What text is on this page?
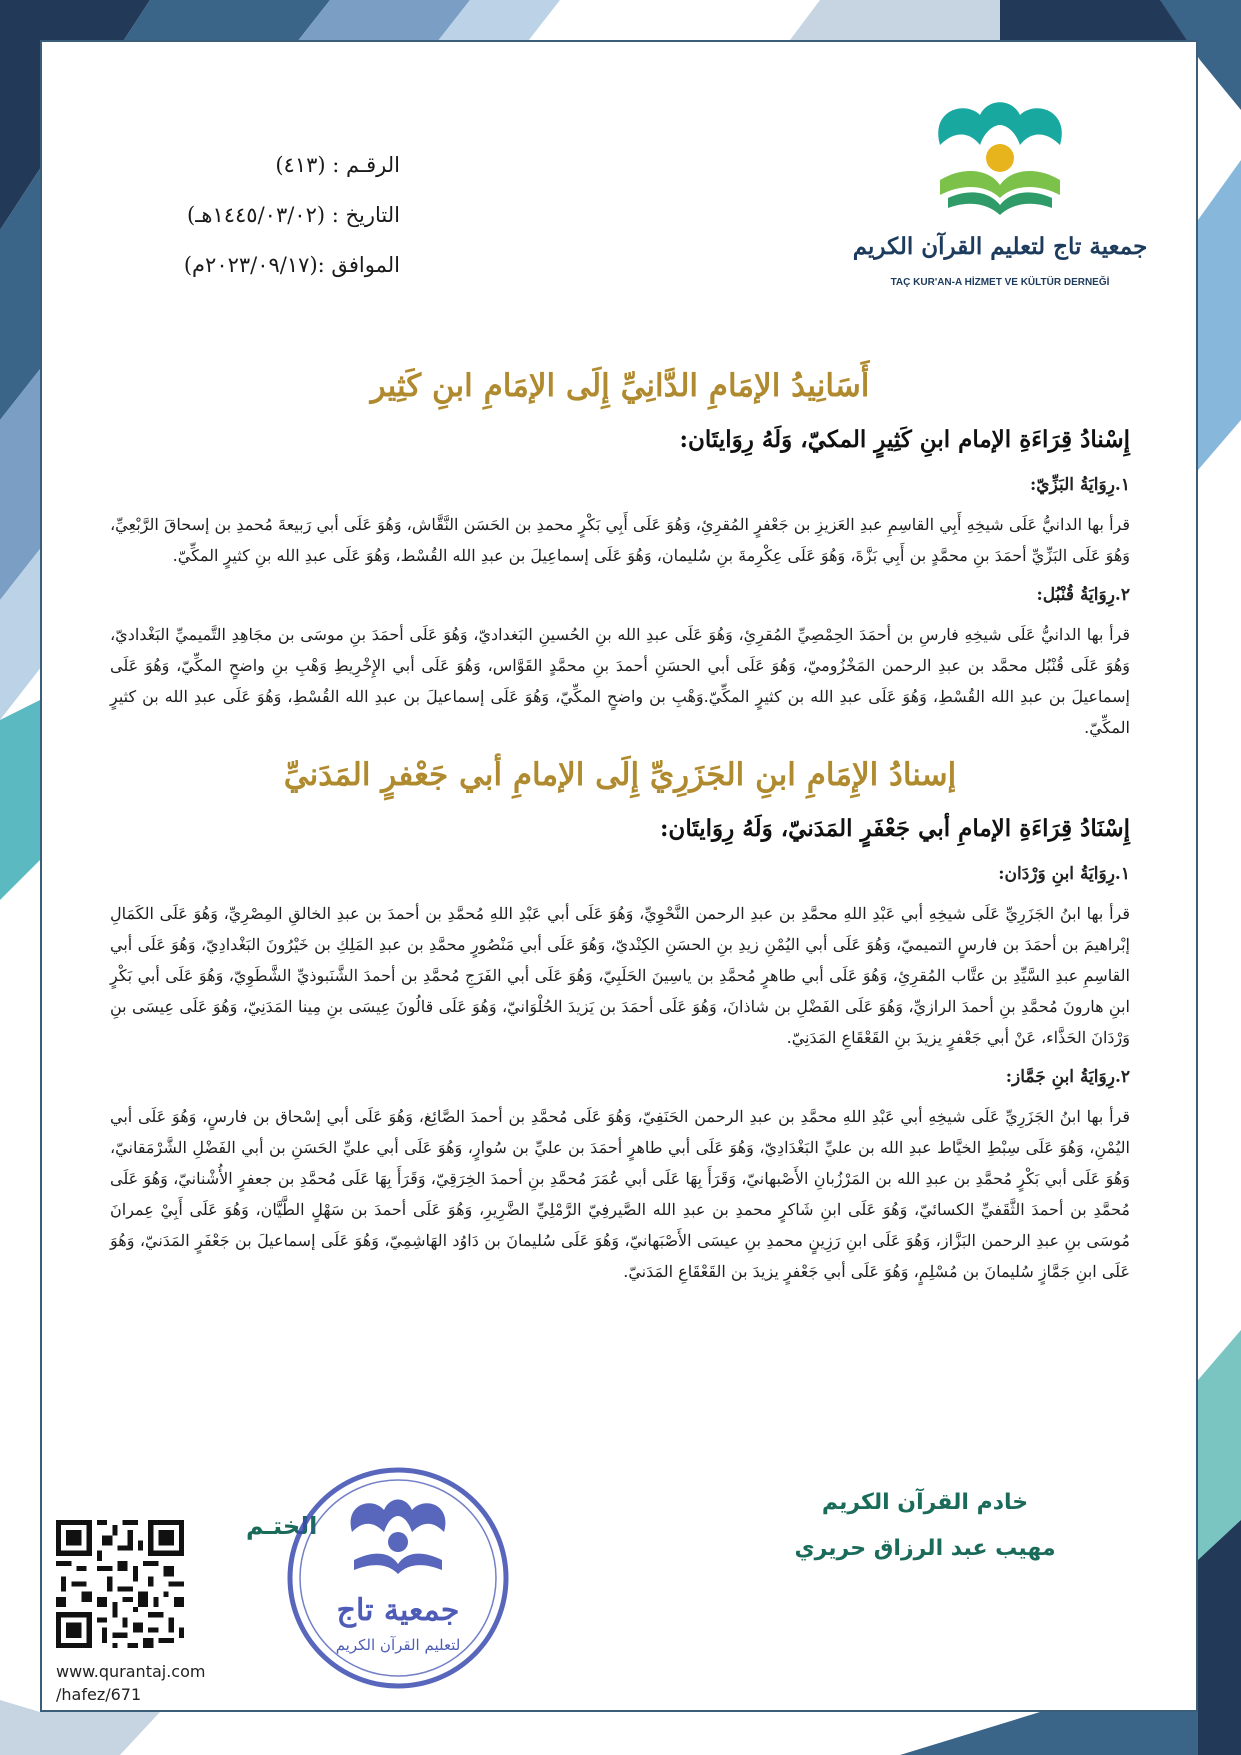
جمعية تاج لتعليم القرآن الكريم
TAÇ KUR'AN-A HİZMET VE KÜLTÜR DERNEĞİ
الرقـم : (٤١٣)
التاريخ : (١٤٤٥/٠٣/٠٢هـ)
الموافق :(٢٠٢٣/٠٩/١٧م)
أَسَانِيدُ الإمَامِ الدَّانِيِّ إِلَى الإمَامِ ابنِ كَثِير
إِسْنادُ قِرَاءَةِ الإمام ابنِ كَثِيرٍ المكيّ، وَلَهُ رِوَايتَان:
١.رِوَايَةُ البَزِّيّ:

قرأ بها الدانيُّ عَلَى شيخِهِ أَبِي القاسِمِ عبدِ العَزيزِ بن جَعْفرٍ المُقرِئِ، وَهُوَ عَلَى أَبِي بَكْرٍ محمدِ بن الحَسَن النَّقَّاش، وَهُوَ عَلَى أبي رَبيعةَ مُحمدِ بن إسحاقَ الرَّبْعِيِّ، وَهُوَ عَلَى البَزِّيِّ أحمَدَ بنِ محمَّدٍ بن أَبِي بَزَّةَ، وَهُوَ عَلَى عِكْرِمةَ بنِ سُليمان، وَهُوَ عَلَى إسماعِيلَ بن عبدِ الله القُسْط، وَهُوَ عَلَى عبدِ الله بنِ كثيرٍ المكِّيّ.

٢.رِوَايَةُ قُنْبُل:

قرأ بها الدانيُّ عَلَى شيخِهِ فارسِ بن أحمَدَ الحِمْصِيِّ المُقرِئِ، وَهُوَ عَلَى عبدِ الله بنِ الحُسينِ البَغداديّ، وَهُوَ عَلَى أحمَدَ بنِ موسَى بن مجَاهِدِ التَّميميِّ البَغْداديّ، وَهُوَ عَلَى قُنْبُل محمَّد بن عبدِ الرحمن المَخْزُوميّ، وَهُوَ عَلَى أبي الحسَنِ أحمدَ بنِ محمَّدٍ القَوَّاس، وَهُوَ عَلَى أبي الإِخْرِيطِ وَهْبِ بنِ واضحٍ المكِّيّ، وَهُوَ عَلَى إسماعيلَ بن عبدِ الله القُسْطِ، وَهُوَ عَلَى عبدِ الله بن كثيرٍ المكِّيّ.وَهْبِ بن واضحٍ المكِّيّ، وَهُوَ عَلَى إسماعيلَ بن عبدِ الله القُسْطِ، وَهُوَ عَلَى عبدِ الله بن كثيرٍ المكِّيّ.

إسنادُ الإِمَامِ ابنِ الجَزَرِيِّ إِلَى الإمامِ أبي جَعْفرٍ المَدَنيِّ
إِسْنَادُ قِرَاءَةِ الإمامِ أبي جَعْفَرٍ المَدَنيّ، وَلَهُ رِوَايتَان:
١.رِوَايَةُ ابنِ وَرْدَان:

قرأ بها ابنُ الجَزَرِيِّ عَلَى شيخِهِ أبي عَبْدِ اللهِ محمَّدِ بن عبدِ الرحمن النَّحْوِيِّ، وَهُوَ عَلَى أبي عَبْدِ اللهِ مُحمَّدِ بن أحمدَ بن عبدِ الخالقِ المِصْرِيِّ، وَهُوَ عَلَى الكَمَالِ إبْراهيمَ بن أحمَدَ بن فارسٍ التميميّ، وَهُوَ عَلَى أبي اليُمْنِ زيدِ بنِ الحسَنِ الكِنْديّ، وَهُوَ عَلَى أبي مَنْصُورٍ محمَّدِ بن عبدِ المَلِكِ بن خَيْرُونَ البَغْدادِيّ، وَهُوَ عَلَى أبي القاسِمِ عبدِ السَّيِّدِ بن عتَّاب المُقرِئِ، وَهُوَ عَلَى أبي طاهرٍ مُحمَّدِ بن ياسِينَ الحَلَبِيّ، وَهُوَ عَلَى أبي الفَرَجِ مُحمَّدِ بن أحمدَ الشَّنَبوذيِّ الشَّطَوِيّ، وَهُوَ عَلَى أبي بَكْرٍ ابنِ هارونَ مُحمَّدِ بنِ أحمدَ الرازيِّ، وَهُوَ عَلَى الفَضْلِ بن شاذانَ، وَهُوَ عَلَى أحمَدَ بن يَزيدَ الحُلْوَانيّ، وَهُوَ عَلَى قالُونَ عِيسَى بنِ مِينا المَدَنِيّ، وَهُوَ عَلَى عِيسَى بنِ وَرْدَانَ الحَذَّاء، عَنْ أبي جَعْفرٍ يزيدَ بنِ القَعْقَاعِ المَدَنِيّ.

٢.رِوَايَةُ ابنِ جَمَّاز:

قرأ بها ابنُ الجَزَرِيِّ عَلَى شيخِهِ أبي عَبْدِ اللهِ محمَّدِ بن عبدِ الرحمن الحَنَفِيّ، وَهُوَ عَلَى مُحمَّدِ بن أحمدَ الصَّائِغ، وَهُوَ عَلَى أبي إسْحاق بن فارسٍ، وَهُوَ عَلَى أبي اليُمْنِ، وَهُوَ عَلَى سِبْطِ الخيَّاط عبدِ الله بن عليِّ البَغْدَادِيّ، وَهُوَ عَلَى أبي طاهرٍ أحمَدَ بن عليِّ بن سُوارٍ، وَهُوَ عَلَى أبي عليِّ الحَسَنِ بن أبي الفَضْلِ الشَّرْمَقانيّ، وَهُوَ عَلَى أبي بَكْرٍ مُحمَّدِ بن عبدِ الله بن المَرْزُبانِ الأَصْبهانيّ، وَقَرَأَ بِهَا عَلَى أبي عُمَرَ مُحمَّدِ بنِ أحمدَ الخِرَقِيّ، وَقَرَأَ بِهَا عَلَى مُحمَّدِ بن جعفرٍ الأُشْنانيّ، وَهُوَ عَلَى مُحمَّدِ بن أحمدَ الثَّقَفيِّ الكسائيّ، وَهُوَ عَلَى ابنِ شَاكرٍ محمدِ بن عبدِ الله الصَّيرفِيّ الرَّمْلِيِّ الضَّرِيرِ، وَهُوَ عَلَى أحمدَ بن سَهْلٍ الطَّيَّان، وَهُوَ عَلَى أَبِيْ عِمرانَ مُوسَى بنِ عبدِ الرحمن البَزَّاز، وَهُوَ عَلَى ابنِ رَزِينٍ محمدِ بنِ عيسَى الأَصْبَهانيّ، وَهُوَ عَلَى سُليمانَ بن دَاوُد الهَاشِمِيّ، وَهُوَ عَلَى إسماعيلَ بن جَعْفَرٍ المَدَنيّ، وَهُوَ عَلَى ابنِ جَمَّازٍ سُليمانَ بن مُسْلِمٍ، وَهُوَ عَلَى أبي جَعْفرٍ يزيدَ بن القَعْقَاعِ المَدَنيّ.

خادم القرآن الكريم
مهيب عبد الرزاق حريري
الختـم
جمعية تاج
لتعليم القرآن الكريم
www.qurantaj.com
/hafez/671
